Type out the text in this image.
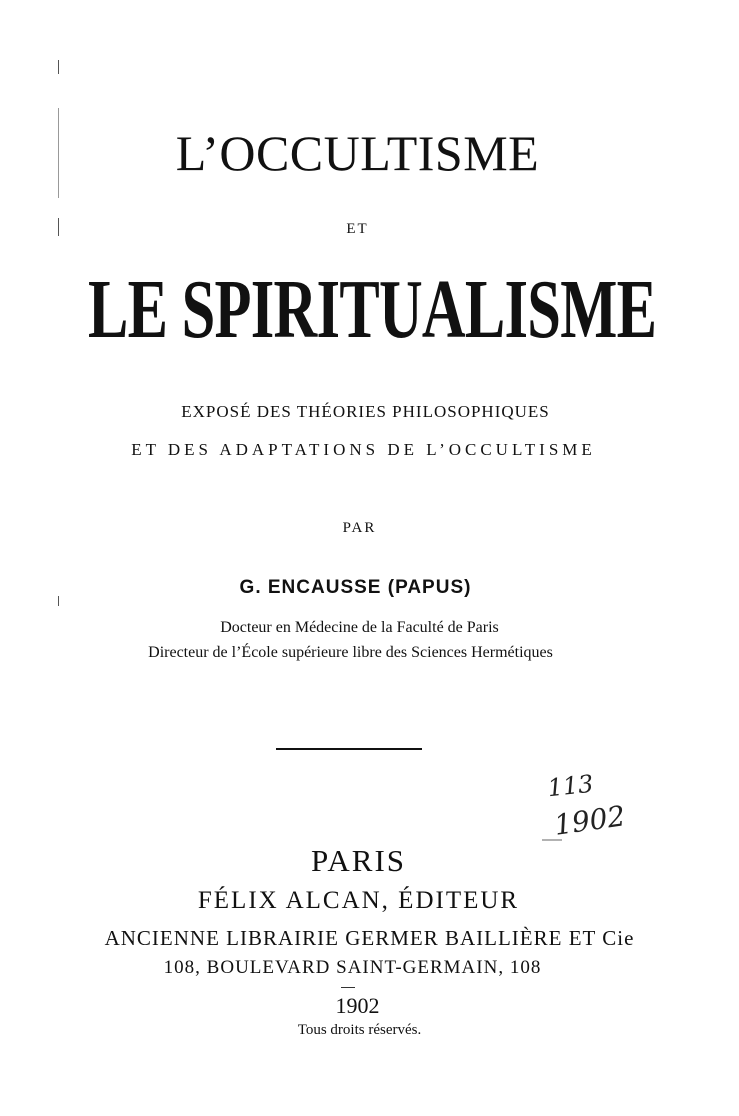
L’OCCULTISME
ET
LE SPIRITUALISME
EXPOSÉ DES THÉORIES PHILOSOPHIQUES
ET DES ADAPTATIONS DE L’OCCULTISME
PAR
G. ENCAUSSE (PAPUS)
Docteur en Médecine de la Faculté de Paris
Directeur de l’École supérieure libre des Sciences Hermétiques
113
1902
PARIS
FÉLIX ALCAN, ÉDITEUR
ANCIENNE LIBRAIRIE GERMER BAILLIÈRE ET Cie
108, BOULEVARD SAINT-GERMAIN, 108
1902
Tous droits réservés.
